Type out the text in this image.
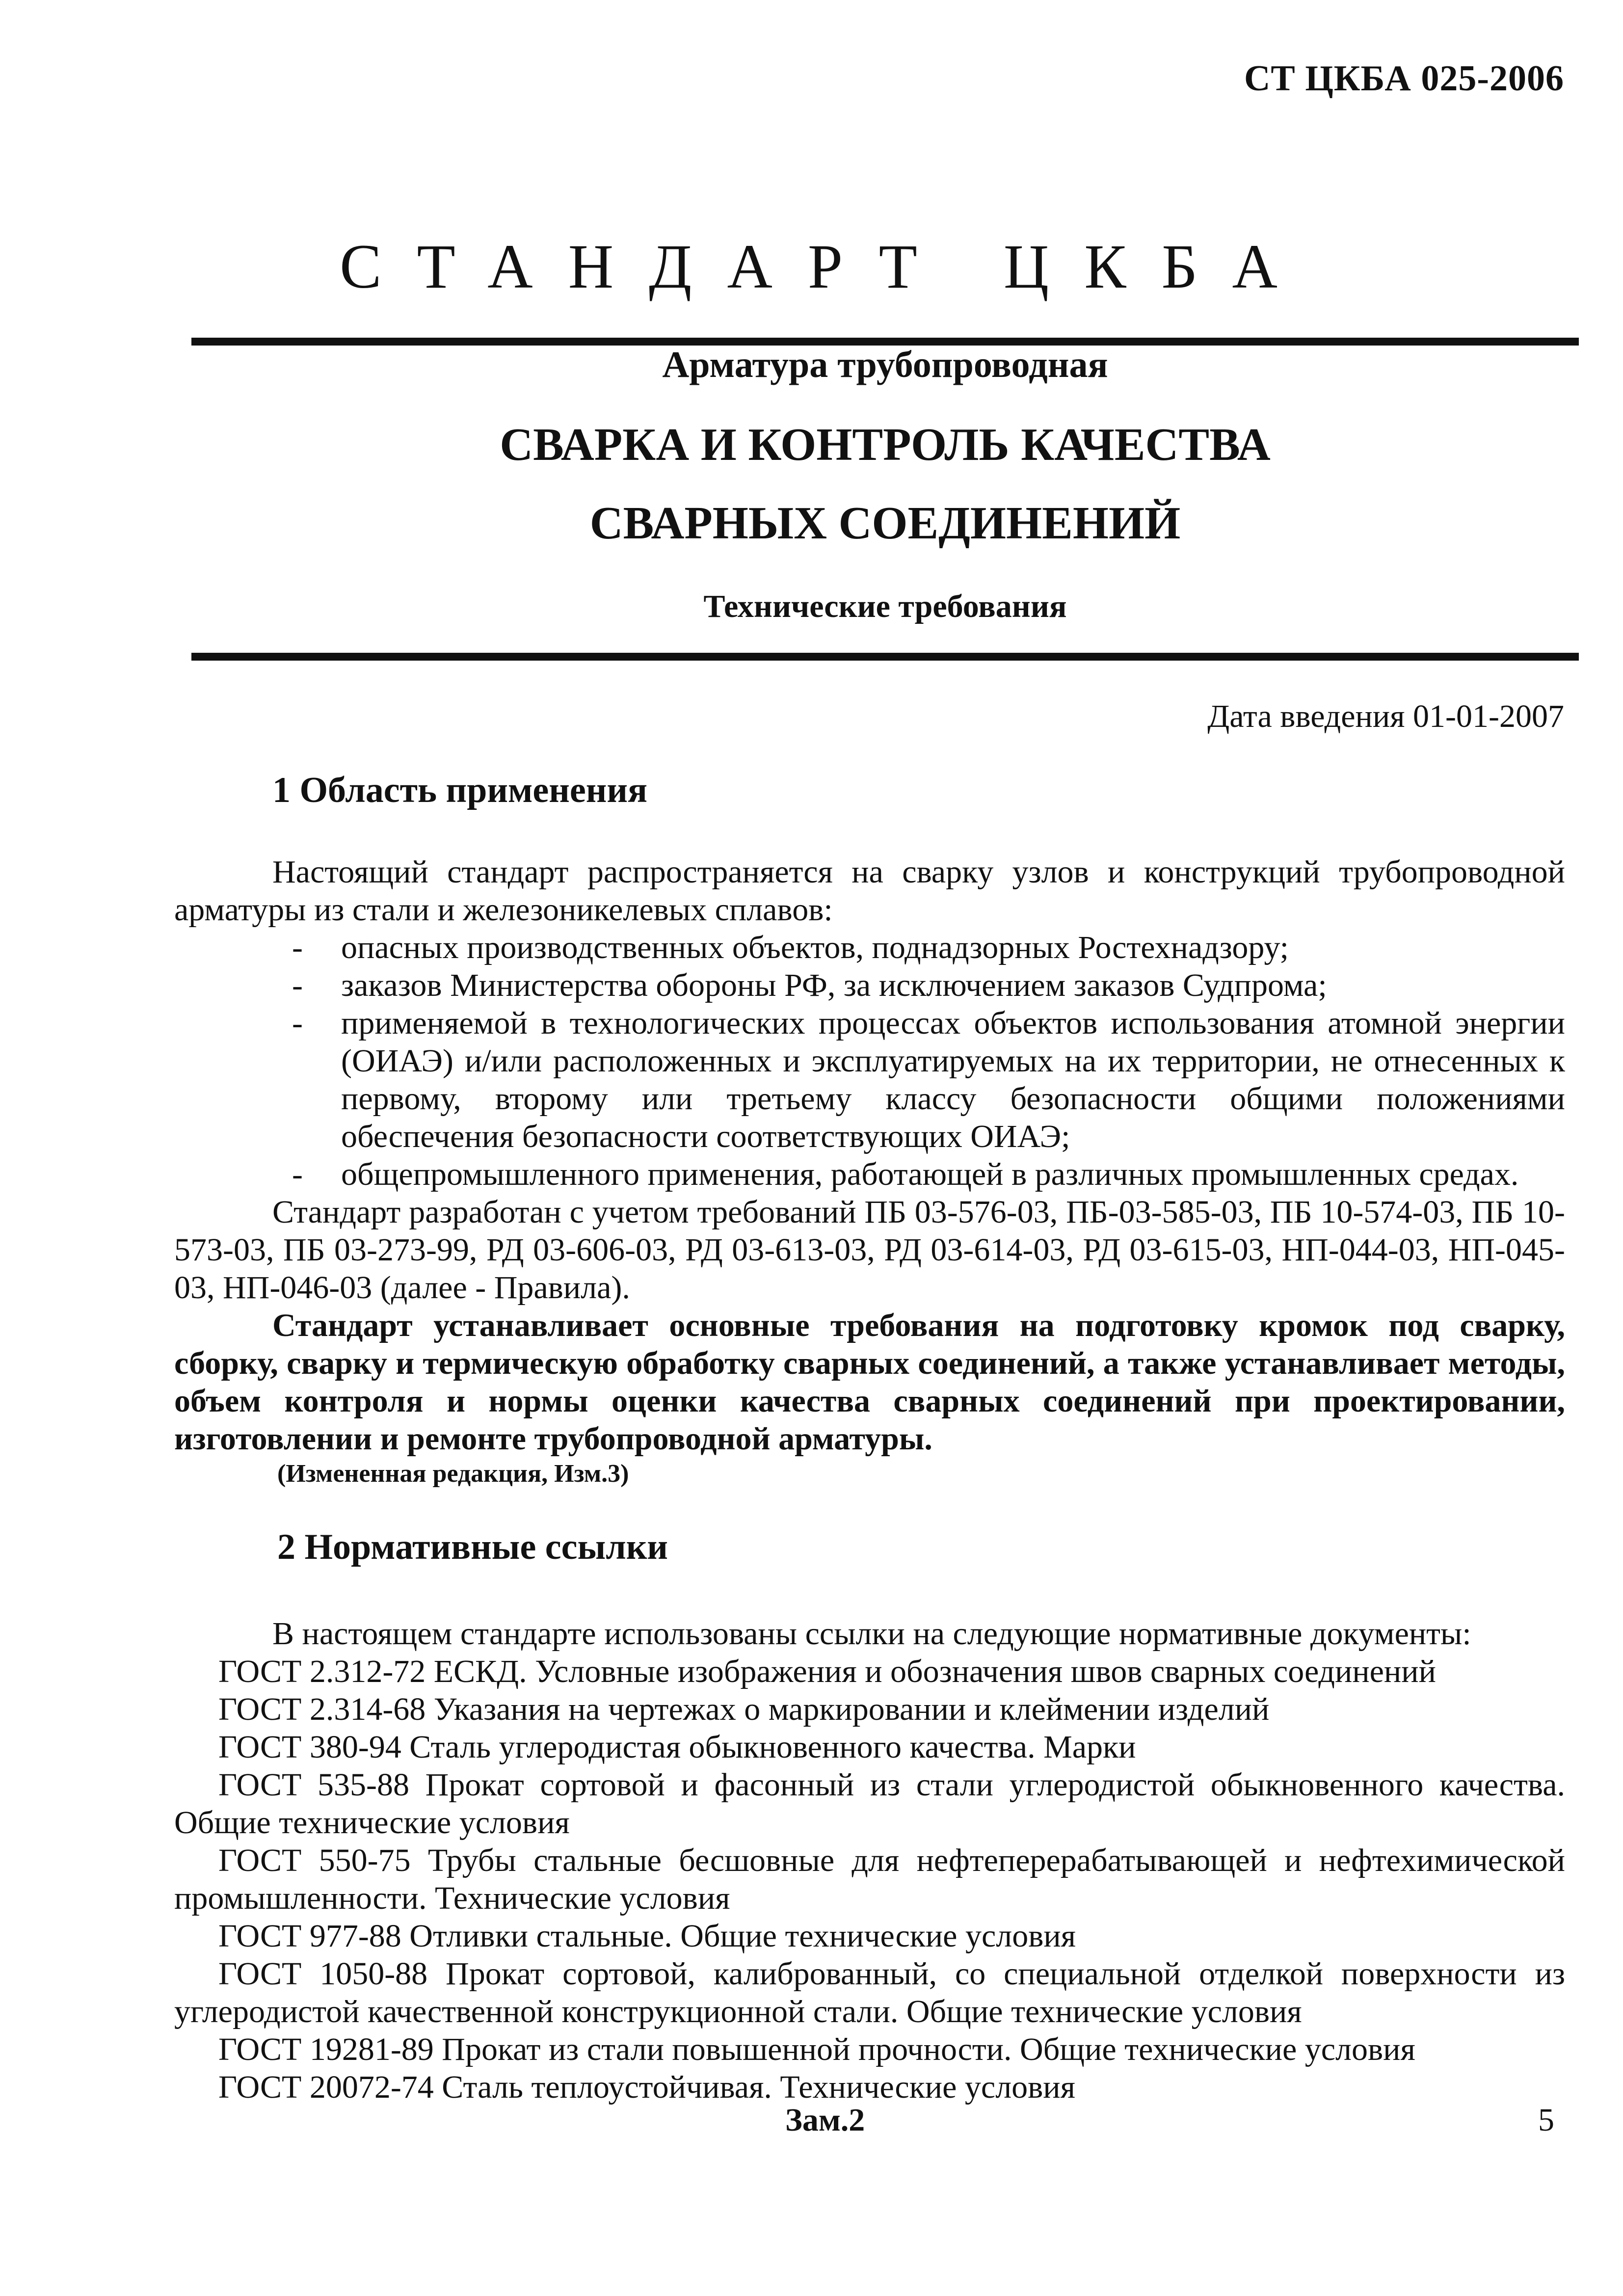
СТ ЦКБА 025-2006
СТАНДАРТ ЦКБА
Арматура трубопроводная
СВАРКА И КОНТРОЛЬ КАЧЕСТВА
СВАРНЫХ СОЕДИНЕНИЙ
Технические требования
Дата введения 01-01-2007
1 Область применения

Настоящий стандарт распространяется на сварку узлов и конструкций трубопроводной арматуры из стали и железоникелевых сплавов:

- опасных производственных объектов, поднадзорных Ростехнадзору;
- заказов Министерства обороны РФ, за исключением заказов Судпрома;
- применяемой в технологических процессах объектов использования атомной энергии (ОИАЭ) и/или расположенных и эксплуатируемых на их территории, не отнесенных к первому, второму или третьему классу безопасности общими положениями обеспечения безопасности соответствующих ОИАЭ;
- общепромышленного применения, работающей в различных промышленных средах.

Стандарт разработан с учетом требований ПБ 03-576-03, ПБ-03-585-03, ПБ 10-574-03, ПБ 10-573-03, ПБ 03-273-99, РД 03-606-03, РД 03-613-03, РД 03-614-03, РД 03-615-03, НП-044-03, НП-045-03, НП-046-03 (далее - Правила).

Стандарт устанавливает основные требования на подготовку кромок под сварку, сборку, сварку и термическую обработку сварных соединений, а также устанавливает методы, объем контроля и нормы оценки качества сварных соединений при проектировании, изготовлении и ремонте трубопроводной арматуры.

(Измененная редакция, Изм.3)

2 Нормативные ссылки

В настоящем стандарте использованы ссылки на следующие нормативные документы:

ГОСТ 2.312-72 ЕСКД. Условные изображения и обозначения швов сварных соединений

ГОСТ 2.314-68 Указания на чертежах о маркировании и клеймении изделий

ГОСТ 380-94 Сталь углеродистая обыкновенного качества. Марки

ГОСТ 535-88 Прокат сортовой и фасонный из стали углеродистой обыкновенного качества. Общие технические условия

ГОСТ 550-75 Трубы стальные бесшовные для нефтеперерабатывающей и нефтехимической промышленности. Технические условия

ГОСТ 977-88 Отливки стальные. Общие технические условия

ГОСТ 1050-88 Прокат сортовой, калиброванный, со специальной отделкой поверхности из углеродистой качественной конструкционной стали. Общие технические условия

ГОСТ 19281-89 Прокат из стали повышенной прочности. Общие технические условия

ГОСТ 20072-74 Сталь теплоустойчивая. Технические условия

Зам.2	5
